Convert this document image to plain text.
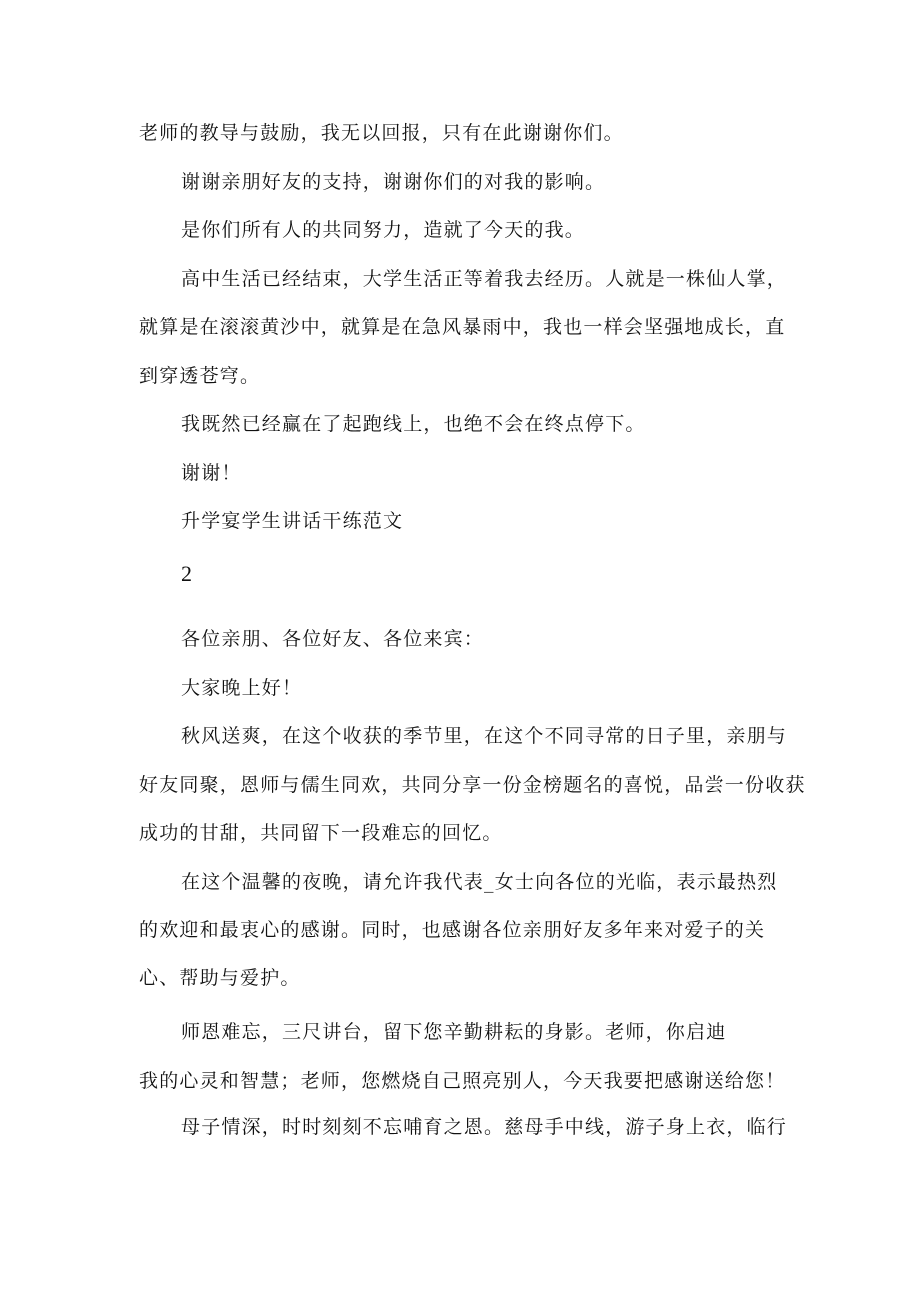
老师的教导与鼓励，我无以回报，只有在此谢谢你们。
谢谢亲朋好友的支持，谢谢你们的对我的影响。
是你们所有人的共同努力，造就了今天的我。
高中生活已经结束，大学生活正等着我去经历。人就是一株仙人掌，
就算是在滚滚黄沙中，就算是在急风暴雨中，我也一样会坚强地成长，直
到穿透苍穹。
我既然已经赢在了起跑线上，也绝不会在终点停下。
谢谢！
升学宴学生讲话干练范文
2
各位亲朋、各位好友、各位来宾：
大家晚上好！
秋风送爽，在这个收获的季节里，在这个不同寻常的日子里，亲朋与
好友同聚，恩师与儒生同欢，共同分享一份金榜题名的喜悦，品尝一份收获
成功的甘甜，共同留下一段难忘的回忆。
在这个温馨的夜晚，请允许我代表_女士向各位的光临，表示最热烈
的欢迎和最衷心的感谢。同时，也感谢各位亲朋好友多年来对爱子的关
心、帮助与爱护。
师恩难忘，三尺讲台，留下您辛勤耕耘的身影。老师，你启迪
我的心灵和智慧；老师，您燃烧自己照亮别人，今天我要把感谢送给您！
母子情深，时时刻刻不忘哺育之恩。慈母手中线，游子身上衣，临行
